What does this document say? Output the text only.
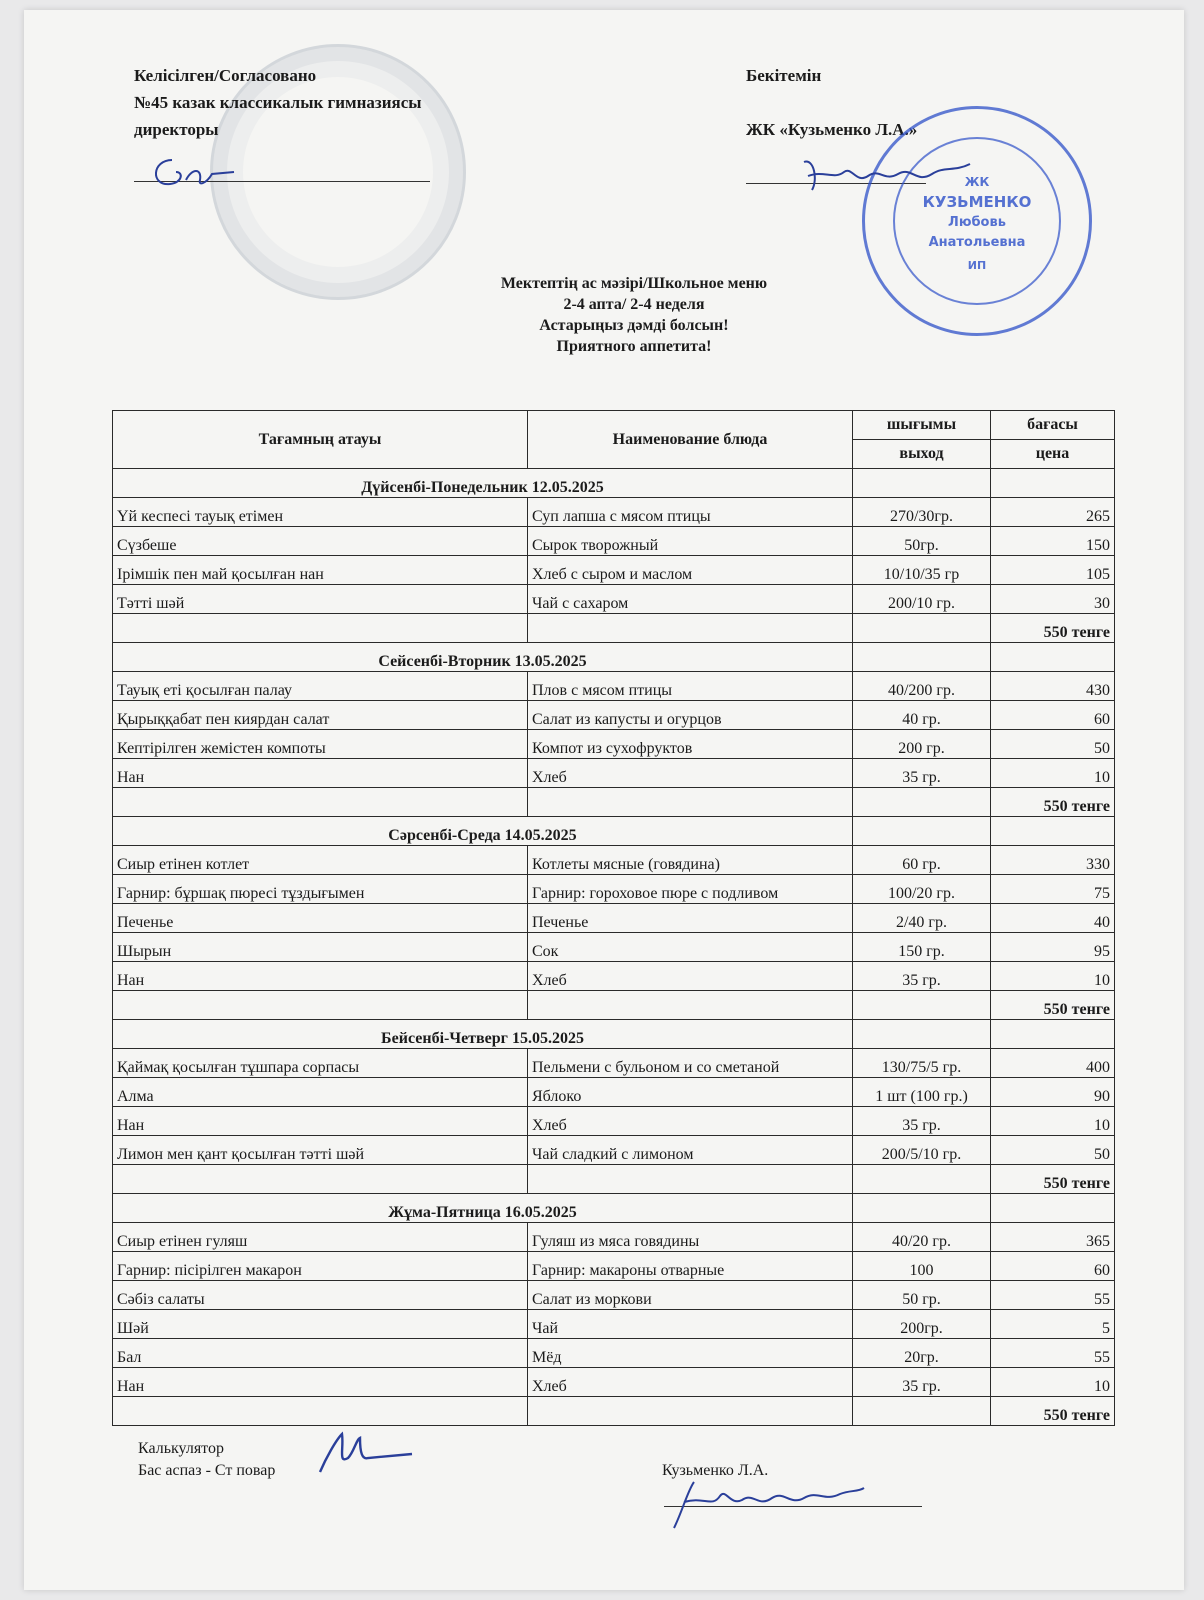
Келісілген/Согласовано
№45 казак классикалык гимназиясы
директоры
Бекітемін
ЖК «Кузьменко Л.А.»
ЖК
КУЗЬМЕНКО
Любовь
Анатольевна
ИП
Мектептің ас мәзірі/Школьное меню
2-4 апта/ 2-4 неделя
Астарыңыз дәмді болсын!
Приятного аппетита!
Тағамның атауы	Наименование блюда	шығымы	бағасы
		выход	цена
Дүйсенбі-Понедельник 12.05.2025			
Үй кеспесі тауық етімен	Суп лапша с мясом птицы	270/30гр.	265
Сүзбеше	Сырок творожный	50гр.	150
Ірімшік пен май қосылған нан	Хлеб с сыром и маслом	10/10/35 гр	105
Тәтті шәй	Чай с сахаром	200/10 гр.	30
			550 тенге
Сейсенбі-Вторник 13.05.2025			
Тауық еті қосылған палау	Плов с мясом птицы	40/200 гр.	430
Қырыққабат пен киярдан салат	Салат из капусты и огурцов	40 гр.	60
Кептірілген жемістен компоты	Компот из сухофруктов	200 гр.	50
Нан	Хлеб	35 гр.	10
			550 тенге
Сәрсенбі-Среда 14.05.2025			
Сиыр етінен котлет	Котлеты мясные (говядина)	60 гр.	330
Гарнир: бұршақ пюресі тұздығымен	Гарнир: гороховое пюре с подливом	100/20 гр.	75
Печенье	Печенье	2/40 гр.	40
Шырын	Сок	150 гр.	95
Нан	Хлеб	35 гр.	10
			550 тенге
Бейсенбі-Четверг 15.05.2025			
Қаймақ қосылған тұшпара сорпасы	Пельмени с бульоном и со сметаной	130/75/5 гр.	400
Алма	Яблоко	1 шт (100 гр.)	90
Нан	Хлеб	35 гр.	10
Лимон мен қант қосылған тәтті шәй	Чай сладкий с лимоном	200/5/10 гр.	50
			550 тенге
Жұма-Пятница 16.05.2025			
Сиыр етінен гуляш	Гуляш из мяса говядины	40/20 гр.	365
Гарнир: пісірілген макарон	Гарнир: макароны отварные	100	60
Сәбіз салаты	Салат из моркови	50 гр.	55
Шәй	Чай	200гр.	5
Бал	Мёд	20гр.	55
Нан	Хлеб	35 гр.	10
			550 тенге
Калькулятор
Бас аспаз - Ст повар	Кузьменко Л.А.
